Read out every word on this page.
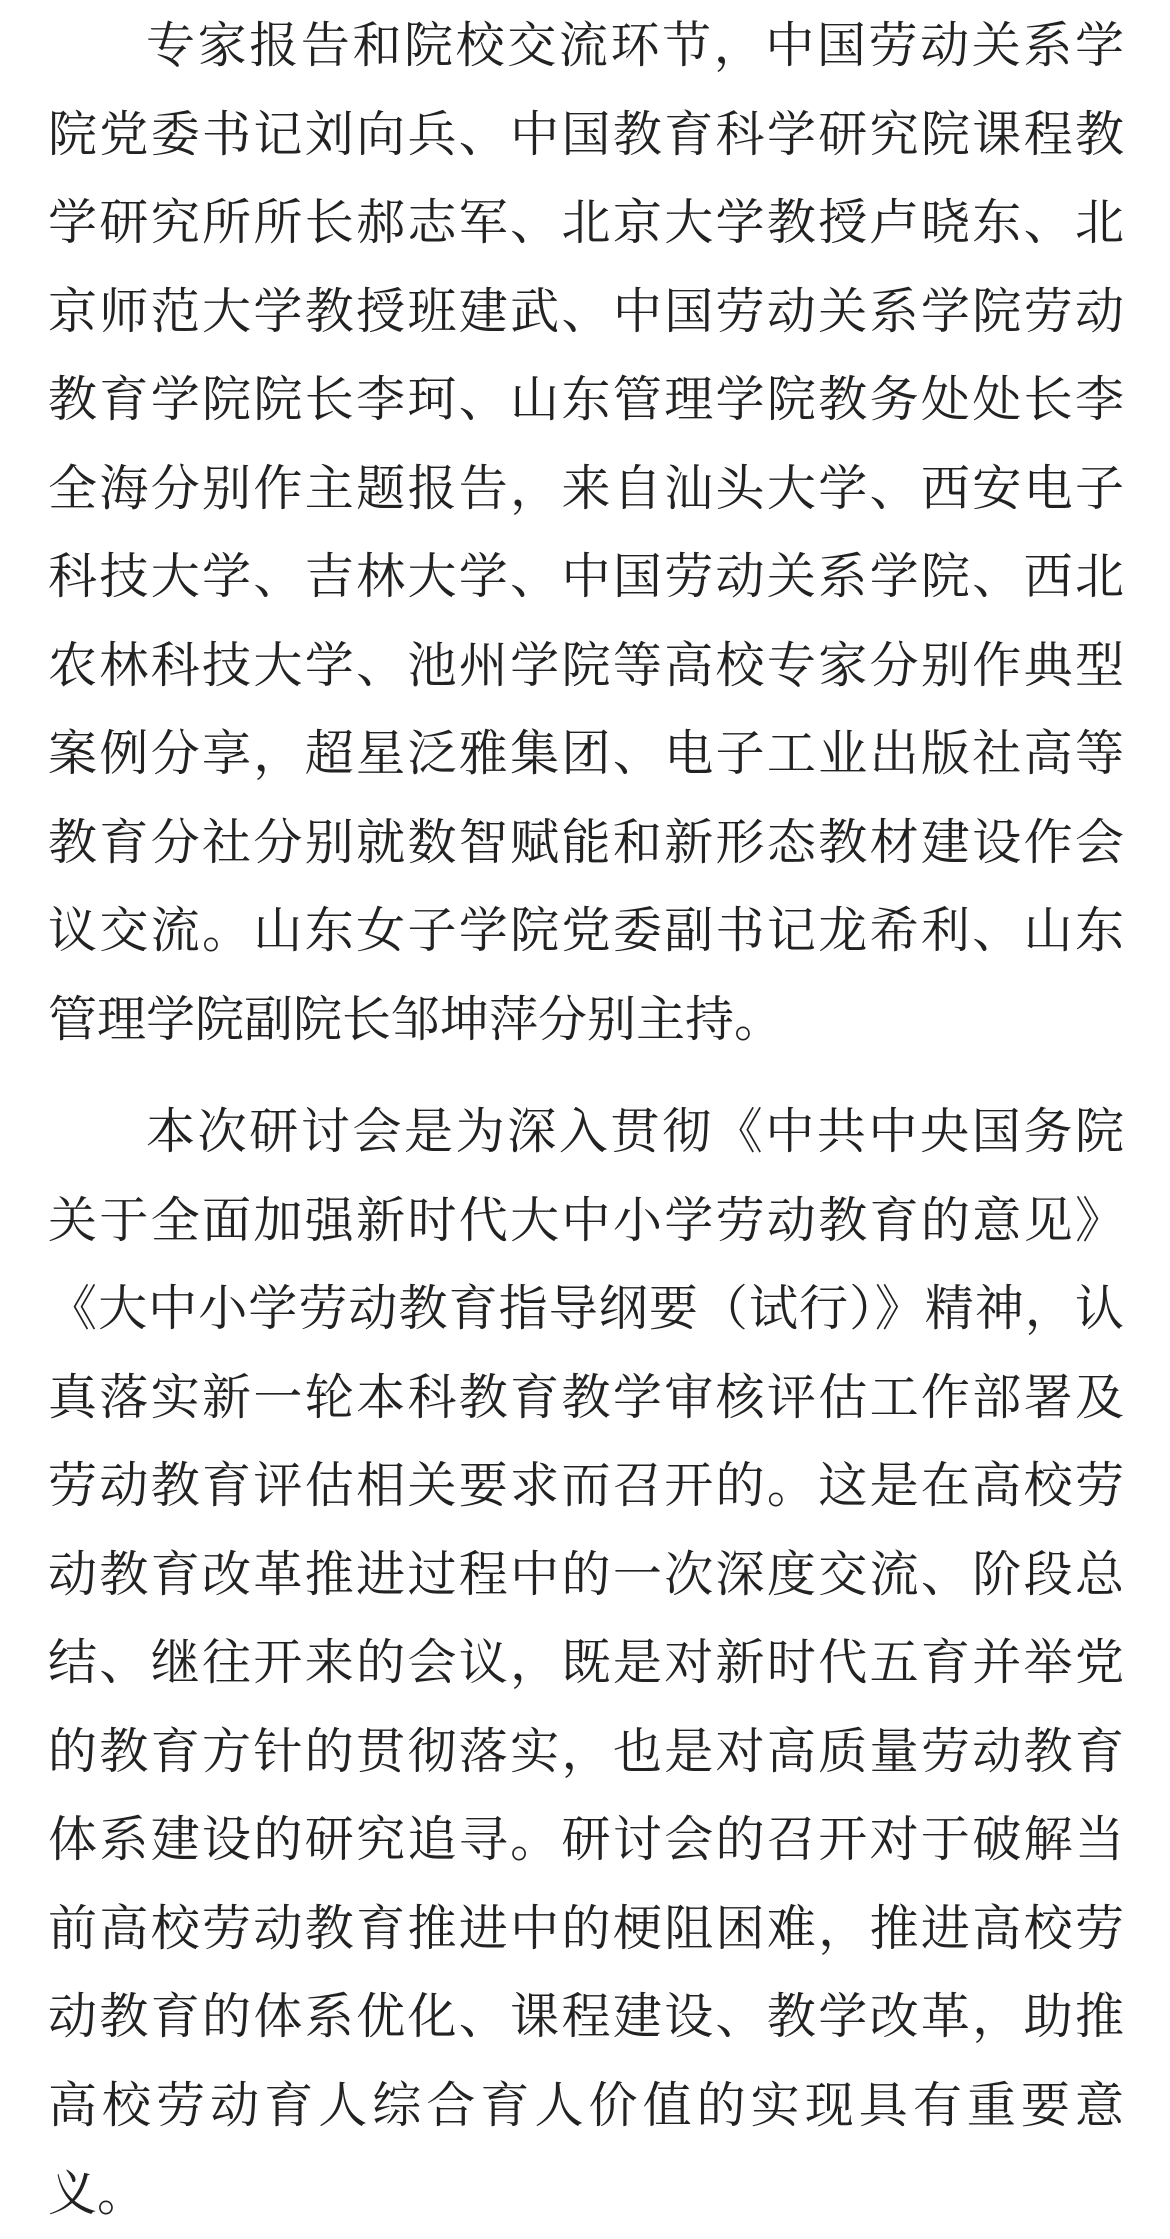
专家报告和院校交流环节，中国劳动关系学院党委书记刘向兵、中国教育科学研究院课程教学研究所所长郝志军、北京大学教授卢晓东、北京师范大学教授班建武、中国劳动关系学院劳动教育学院院长李珂、山东管理学院教务处处长李全海分别作主题报告，来自汕头大学、西安电子科技大学、吉林大学、中国劳动关系学院、西北农林科技大学、池州学院等高校专家分别作典型案例分享，超星泛雅集团、电子工业出版社高等教育分社分别就数智赋能和新形态教材建设作会议交流。山东女子学院党委副书记龙希利、山东管理学院副院长邹坤萍分别主持。

本次研讨会是为深入贯彻《中共中央国务院关于全面加强新时代大中小学劳动教育的意见》《大中小学劳动教育指导纲要（试行）》精神，认真落实新一轮本科教育教学审核评估工作部署及劳动教育评估相关要求而召开的。这是在高校劳动教育改革推进过程中的一次深度交流、阶段总结、继往开来的会议，既是对新时代五育并举党的教育方针的贯彻落实，也是对高质量劳动教育体系建设的研究追寻。研讨会的召开对于破解当前高校劳动教育推进中的梗阻困难，推进高校劳动教育的体系优化、课程建设、教学改革，助推高校劳动育人综合育人价值的实现具有重要意义。
